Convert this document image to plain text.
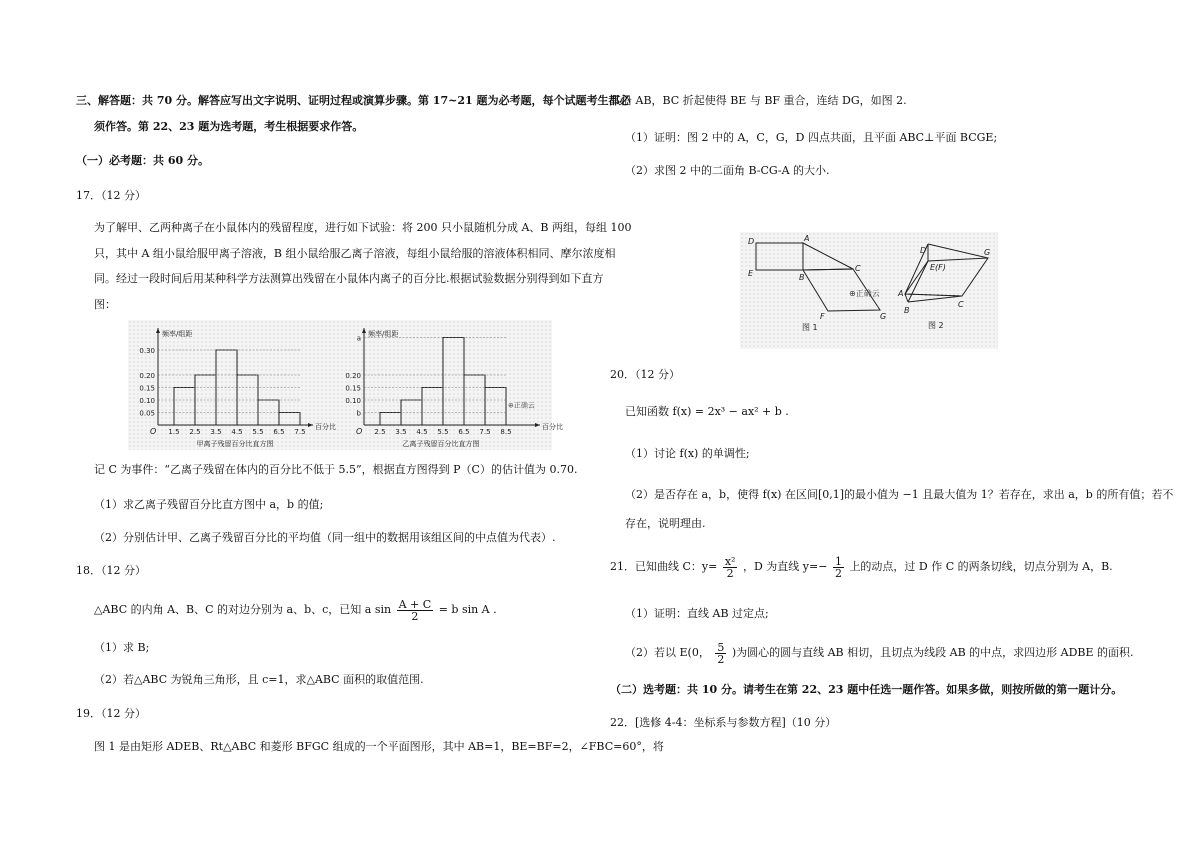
三、解答题：共 70 分。解答应写出文字说明、证明过程或演算步骤。第 17~21 题为必考题，每个试题考生都必
须作答。第 22、23 题为选考题，考生根据要求作答。
（一）必考题：共 60 分。
17．（12 分）
为了解甲、乙两种离子在小鼠体内的残留程度，进行如下试验：将 200 只小鼠随机分成 A、B 两组，每组 100
只，其中 A 组小鼠给服甲离子溶液，B 组小鼠给服乙离子溶液，每组小鼠给服的溶液体积相同、摩尔浓度相
同。经过一段时间后用某种科学方法测算出残留在小鼠体内离子的百分比.根据试验数据分别得到如下直方
图：
0.30
0.20
0.15
0.10
0.05
1.5 2.5 3.5 4.5 5.5 6.5 7.5
O
频率/组距
百分比
甲离子残留百分比直方图
a
0.20
0.15
0.10
b
2.5 3.5 4.5 5.5 6.5 7.5 8.5
O
频率/组距
百分比
乙离子残留百分比直方图
⊕正确云
记 C 为事件：“乙离子残留在体内的百分比不低于 5.5”，根据直方图得到 P（C）的估计值为 0.70.
（1）求乙离子残留百分比直方图中 a，b 的值;
（2）分别估计甲、乙离子残留百分比的平均值（同一组中的数据用该组区间的中点值为代表）.
18．（12 分）
△ABC 的内角 A、B、C 的对边分别为 a、b、c，已知 a $\sin \frac{A + C}{2} = b$ sin A .
（1）求 B;
（2）若△ABC 为锐角三角形，且 c=1，求△ABC 面积的取值范围.
19．（12 分）
图 1 是由矩形 ADEB、Rt△ABC 和菱形 BFGC 组成的一个平面图形，其中 AB=1，BE=BF=2，∠FBC=60°，将
其沿 AB，BC 折起使得 BE 与 BF 重合，连结 DG，如图 2.
（1）证明：图 2 中的 A，C，G，D 四点共面，且平面 ABC⊥平面 BCGE;
（2）求图 2 中的二面角 B-CG-A 的大小.
D	A
E	B
C
F	G
图 1
⊕正确云
D
E(F)
G
A
B
C
图 2
20．（12 分）
已知函数 f(x) = 2x³ − ax² + b .
（1）讨论 f(x) 的单调性;
（2）是否存在 a，b，使得 f(x) 在区间[0,1]的最小值为 −1 且最大值为 1？若存在，求出 a，b 的所有值；若不
存在，说明理由.
21．已知曲线 C：$y= \frac{\text{x²}}{2}$ ，D 为直线 $y=- \frac{1}{2}$ 上的动点，过 D 作 C 的两条切线，切点分别为 A，B.
（1）证明：直线 AB 过定点;
（2）若以 E(0， $\frac{5}{2}$ )为圆心的圆与直线 AB 相切，且切点为线段 AB 的中点，求四边形 ADBE 的面积.
（二）选考题：共 10 分。请考生在第 22、23 题中任选一题作答。如果多做，则按所做的第一题计分。
22．[选修 4-4：坐标系与参数方程]（10 分）
